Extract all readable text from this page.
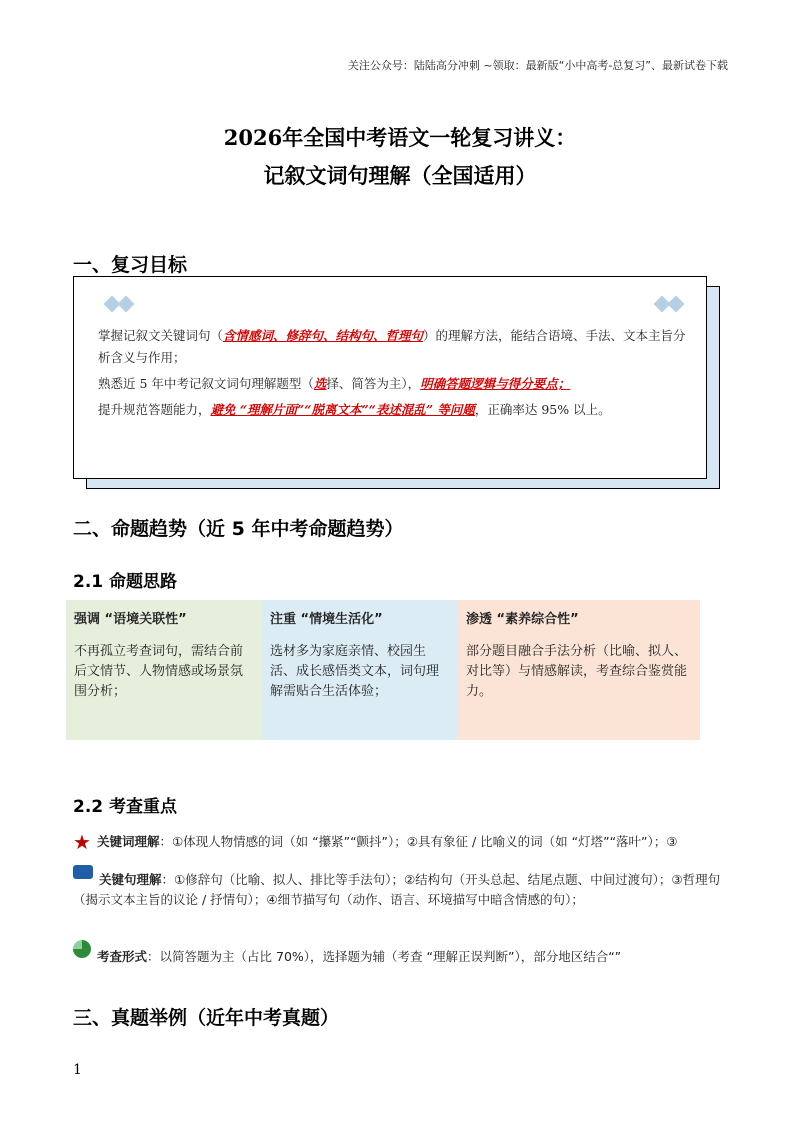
关注公众号：陆陆高分冲刺 ~领取：最新版“小中高考-总复习”、最新试卷下载
2026年全国中考语文一轮复习讲义：
记叙文词句理解（全国适用）
一、复习目标

掌握记叙文关键词句（含情感词、修辞句、结构句、哲理句）的理解方法，能结合语境、手法、文本主旨分析含义与作用；

熟悉近 5 年中考记叙文词句理解题型（选择、简答为主），明确答题逻辑与得分要点；

提升规范答题能力，避免 “理解片面”“脱离文本”“表述混乱” 等问题，正确率达 95% 以上。

二、命题趋势（近 5 年中考命题趋势）
2.1 命题思路
强调 “语境关联性”
不再孤立考查词句，需结合前后文情节、人物情感或场景氛围分析；
注重 “情境生活化”
选材多为家庭亲情、校园生活、成长感悟类文本，词句理解需贴合生活体验；
渗透 “素养综合性”
部分题目融合手法分析（比喻、拟人、对比等）与情感解读，考查综合鉴赏能力。
2.2 考查重点
★ 关键词理解：①体现人物情感的词（如 “攥紧”“颤抖”）；②具有象征 / 比喻义的词（如 “灯塔”“落叶”）；③
关键句理解：①修辞句（比喻、拟人、排比等手法句）；②结构句（开头总起、结尾点题、中间过渡句）；③哲理句（揭示文本主旨的议论 / 抒情句）；④细节描写句（动作、语言、环境描写中暗含情感的句）；
考查形式：以简答题为主（占比 70%），选择题为辅（考查 “理解正误判断”），部分地区结合“”
三、真题举例（近年中考真题）
1
